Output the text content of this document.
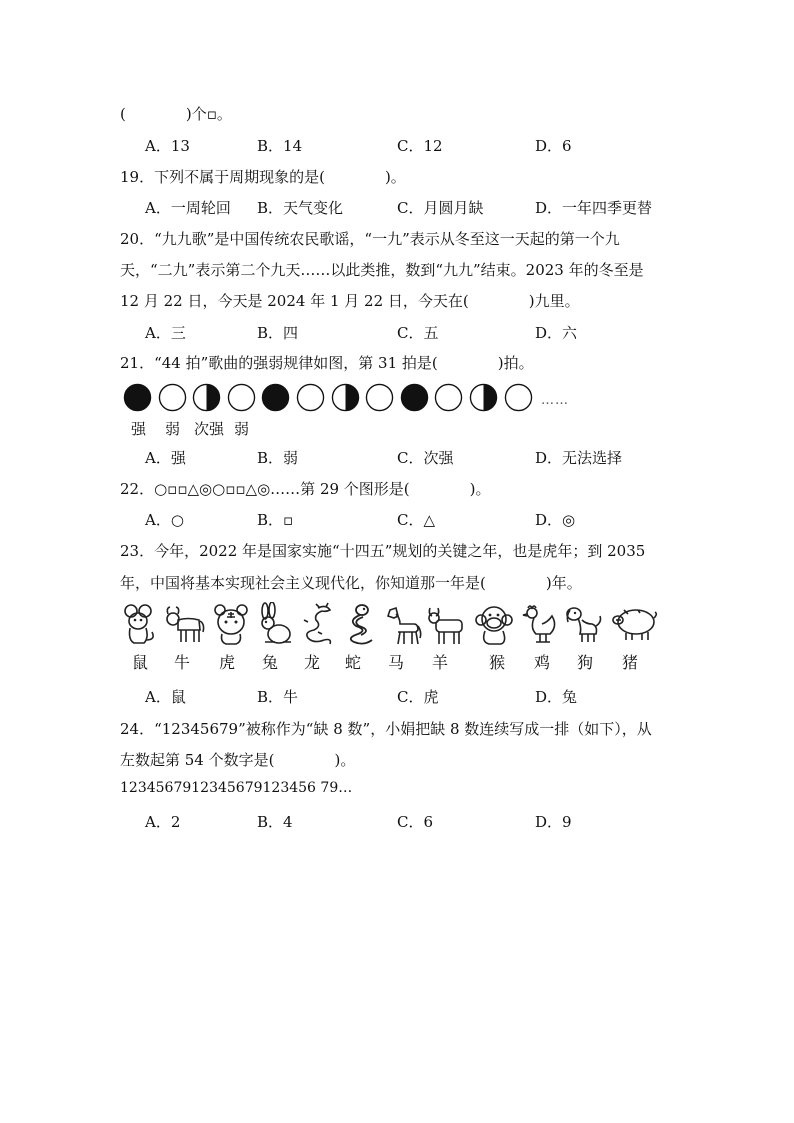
(　　　　)个▫。
A．13	B．14	C．12	D．6
19．下列不属于周期现象的是(　　　　)。
A．一周轮回 B．天气变化	C．月圆月缺	D．一年四季更替
20．“九九歌”是中国传统农民歌谣，“一九”表示从冬至这一天起的第一个九
天，“二九”表示第二个九天……以此类推，数到“九九”结束。2023 年的冬至是
12 月 22 日，今天是 2024 年 1 月 22 日，今天在(　　　　)九里。
A．三	B．四	C．五	D．六
21．“44 拍”歌曲的强弱规律如图，第 31 拍是(　　　　)拍。
……
强 弱 次强 弱
A．强	B．弱	C．次强	D．无法选择
22．○▫▫△◎○▫▫△◎……第 29 个图形是(　　　　)。
A．○	B．▫	C．△	D．◎
23．今年，2022 年是国家实施“十四五”规划的关键之年，也是虎年；到 2035
年，中国将基本实现社会主义现代化，你知道那一年是(　　　　)年。
鼠	牛	虎	兔	龙	蛇	马	羊	猴	鸡	狗	猪
A．鼠	B．牛	C．虎	D．兔
24．“12345679”被称作为“缺 8 数”，小娟把缺 8 数连续写成一排（如下），从
左数起第 54 个数字是(　　　　)。
1234567912345679123456 79…
A．2	B．4	C．6	D．9
